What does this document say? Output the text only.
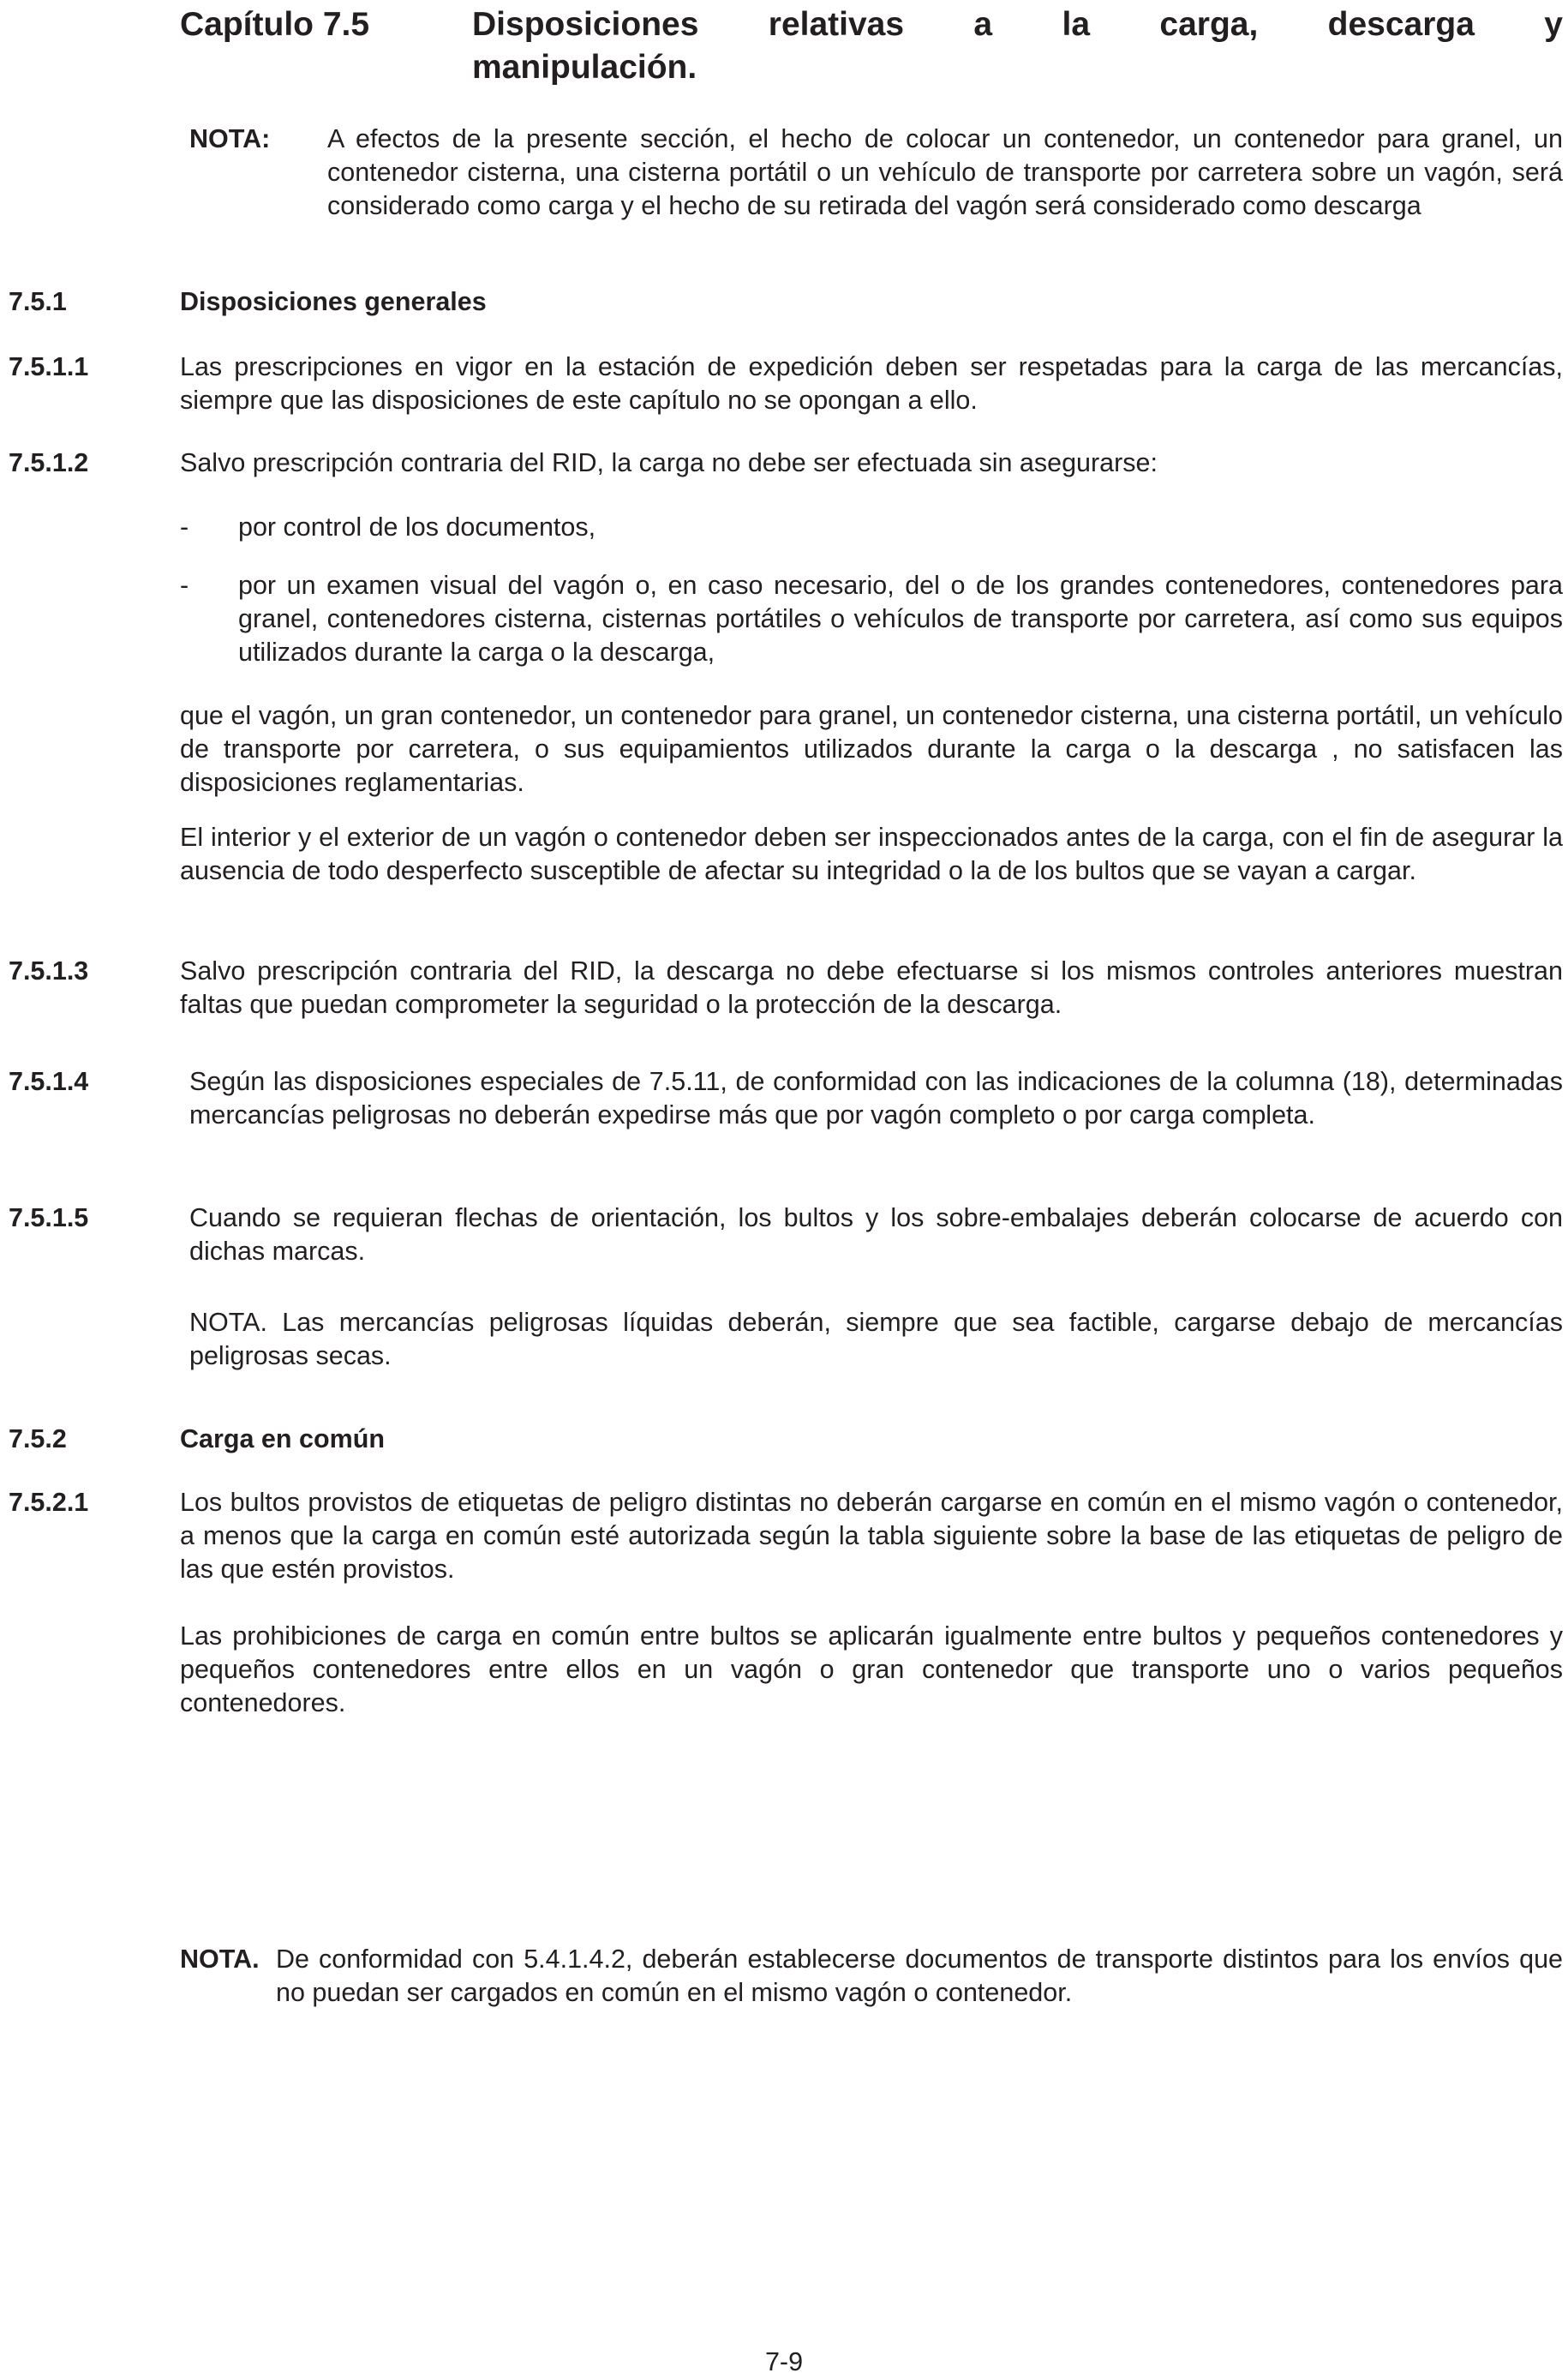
Capítulo 7.5	Disposiciones relativas a la carga, descarga y
manipulación.
NOTA: A efectos de la presente sección, el hecho de colocar un contenedor, un contenedor para granel, un contenedor cisterna, una cisterna portátil o un vehículo de transporte por carretera sobre un vagón, será considerado como carga y el hecho de su retirada del vagón será considerado como descarga
7.5.1	Disposiciones generales
7.5.1.1	Las prescripciones en vigor en la estación de expedición deben ser respetadas para la carga de las mercancías, siempre que las disposiciones de este capítulo no se opongan a ello.
7.5.1.2	Salvo prescripción contraria del RID, la carga no debe ser efectuada sin asegurarse:
- por control de los documentos,
- por un examen visual del vagón o, en caso necesario, del o de los grandes contenedores, contenedores para granel, contenedores cisterna, cisternas portátiles o vehículos de transporte por carretera, así como sus equipos utilizados durante la carga o la descarga,
que el vagón, un gran contenedor, un contenedor para granel, un contenedor cisterna, una cisterna portátil, un vehículo de transporte por carretera, o sus equipamientos utilizados durante la carga o la descarga , no satisfacen las disposiciones reglamentarias.
El interior y el exterior de un vagón o contenedor deben ser inspeccionados antes de la carga, con el fin de asegurar la ausencia de todo desperfecto susceptible de afectar su integridad o la de los bultos que se vayan a cargar.
7.5.1.3	Salvo prescripción contraria del RID, la descarga no debe efectuarse si los mismos controles anteriores muestran faltas que puedan comprometer la seguridad o la protección de la descarga.
7.5.1.4	Según las disposiciones especiales de 7.5.11, de conformidad con las indicaciones de la columna (18), determinadas mercancías peligrosas no deberán expedirse más que por vagón completo o por carga completa.
7.5.1.5	Cuando se requieran flechas de orientación, los bultos y los sobre-embalajes deberán colocarse de acuerdo con dichas marcas.
NOTA. Las mercancías peligrosas líquidas deberán, siempre que sea factible, cargarse debajo de mercancías peligrosas secas.
7.5.2	Carga en común
7.5.2.1	Los bultos provistos de etiquetas de peligro distintas no deberán cargarse en común en el mismo vagón o contenedor, a menos que la carga en común esté autorizada según la tabla siguiente sobre la base de las etiquetas de peligro de las que estén provistos.
Las prohibiciones de carga en común entre bultos se aplicarán igualmente entre bultos y pequeños contenedores y pequeños contenedores entre ellos en un vagón o gran contenedor que transporte uno o varios pequeños contenedores.
NOTA. De conformidad con 5.4.1.4.2, deberán establecerse documentos de transporte distintos para los envíos que no puedan ser cargados en común en el mismo vagón o contenedor.
7-9
